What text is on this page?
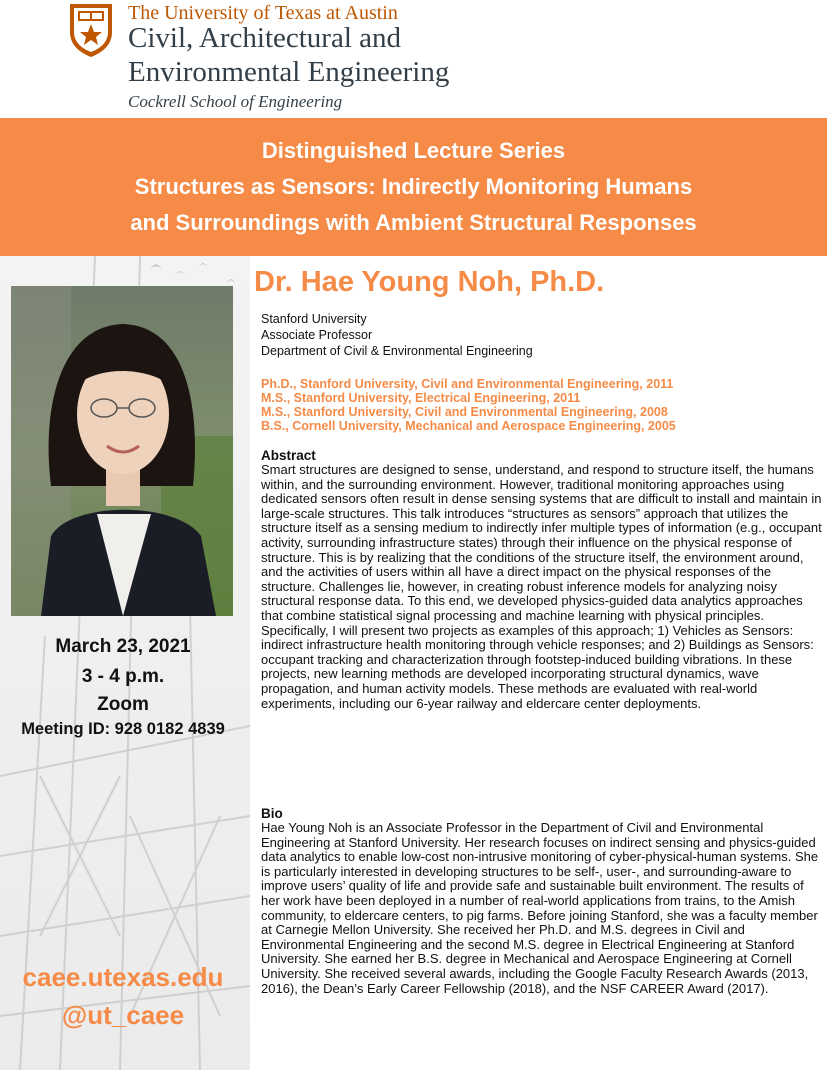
The University of Texas at Austin
Civil, Architectural and
Environmental Engineering
Cockrell School of Engineering
Distinguished Lecture Series
Structures as Sensors: Indirectly Monitoring Humans
and Surroundings with Ambient Structural Responses
March 23, 2021
3 - 4 p.m.
Zoom
Meeting ID: 928 0182 4839
caee.utexas.edu
@ut_caee
Dr. Hae Young Noh, Ph.D.
Stanford University
Associate Professor
Department of Civil & Environmental Engineering
Ph.D., Stanford University, Civil and Environmental Engineering, 2011
M.S., Stanford University, Electrical Engineering, 2011
M.S., Stanford University, Civil and Environmental Engineering, 2008
B.S., Cornell University, Mechanical and Aerospace Engineering, 2005
Abstract

Smart structures are designed to sense, understand, and respond to structure itself, the humans within, and the surrounding environment. However, traditional monitoring approaches using dedicated sensors often result in dense sensing systems that are difficult to install and maintain in large-scale structures. This talk introduces “structures as sensors” approach that utilizes the structure itself as a sensing medium to indirectly infer multiple types of information (e.g., occupant activity, surrounding infrastructure states) through their influence on the physical response of structure. This is by realizing that the conditions of the structure itself, the environment around, and the activities of users within all have a direct impact on the physical responses of the structure. Challenges lie, however, in creating robust inference models for analyzing noisy structural response data. To this end, we developed physics-guided data analytics approaches that combine statistical signal processing and machine learning with physical principles. Specifically, I will present two projects as examples of this approach; 1) Vehicles as Sensors: indirect infrastructure health monitoring through vehicle responses; and 2) Buildings as Sensors: occupant tracking and characterization through footstep-induced building vibrations. In these projects, new learning methods are developed incorporating structural dynamics, wave propagation, and human activity models. These methods are evaluated with real-world experiments, including our 6-year railway and eldercare center deployments.

Bio

Hae Young Noh is an Associate Professor in the Department of Civil and Environmental Engineering at Stanford University. Her research focuses on indirect sensing and physics-guided data analytics to enable low-cost non-intrusive monitoring of cyber-physical-human systems. She is particularly interested in developing structures to be self-, user-, and surrounding-aware to improve users’ quality of life and provide safe and sustainable built environment. The results of her work have been deployed in a number of real-world applications from trains, to the Amish community, to eldercare centers, to pig farms. Before joining Stanford, she was a faculty member at Carnegie Mellon University. She received her Ph.D. and M.S. degrees in Civil and Environmental Engineering and the second M.S. degree in Electrical Engineering at Stanford University. She earned her B.S. degree in Mechanical and Aerospace Engineering at Cornell University. She received several awards, including the Google Faculty Research Awards (2013, 2016), the Dean’s Early Career Fellowship (2018), and the NSF CAREER Award (2017).
